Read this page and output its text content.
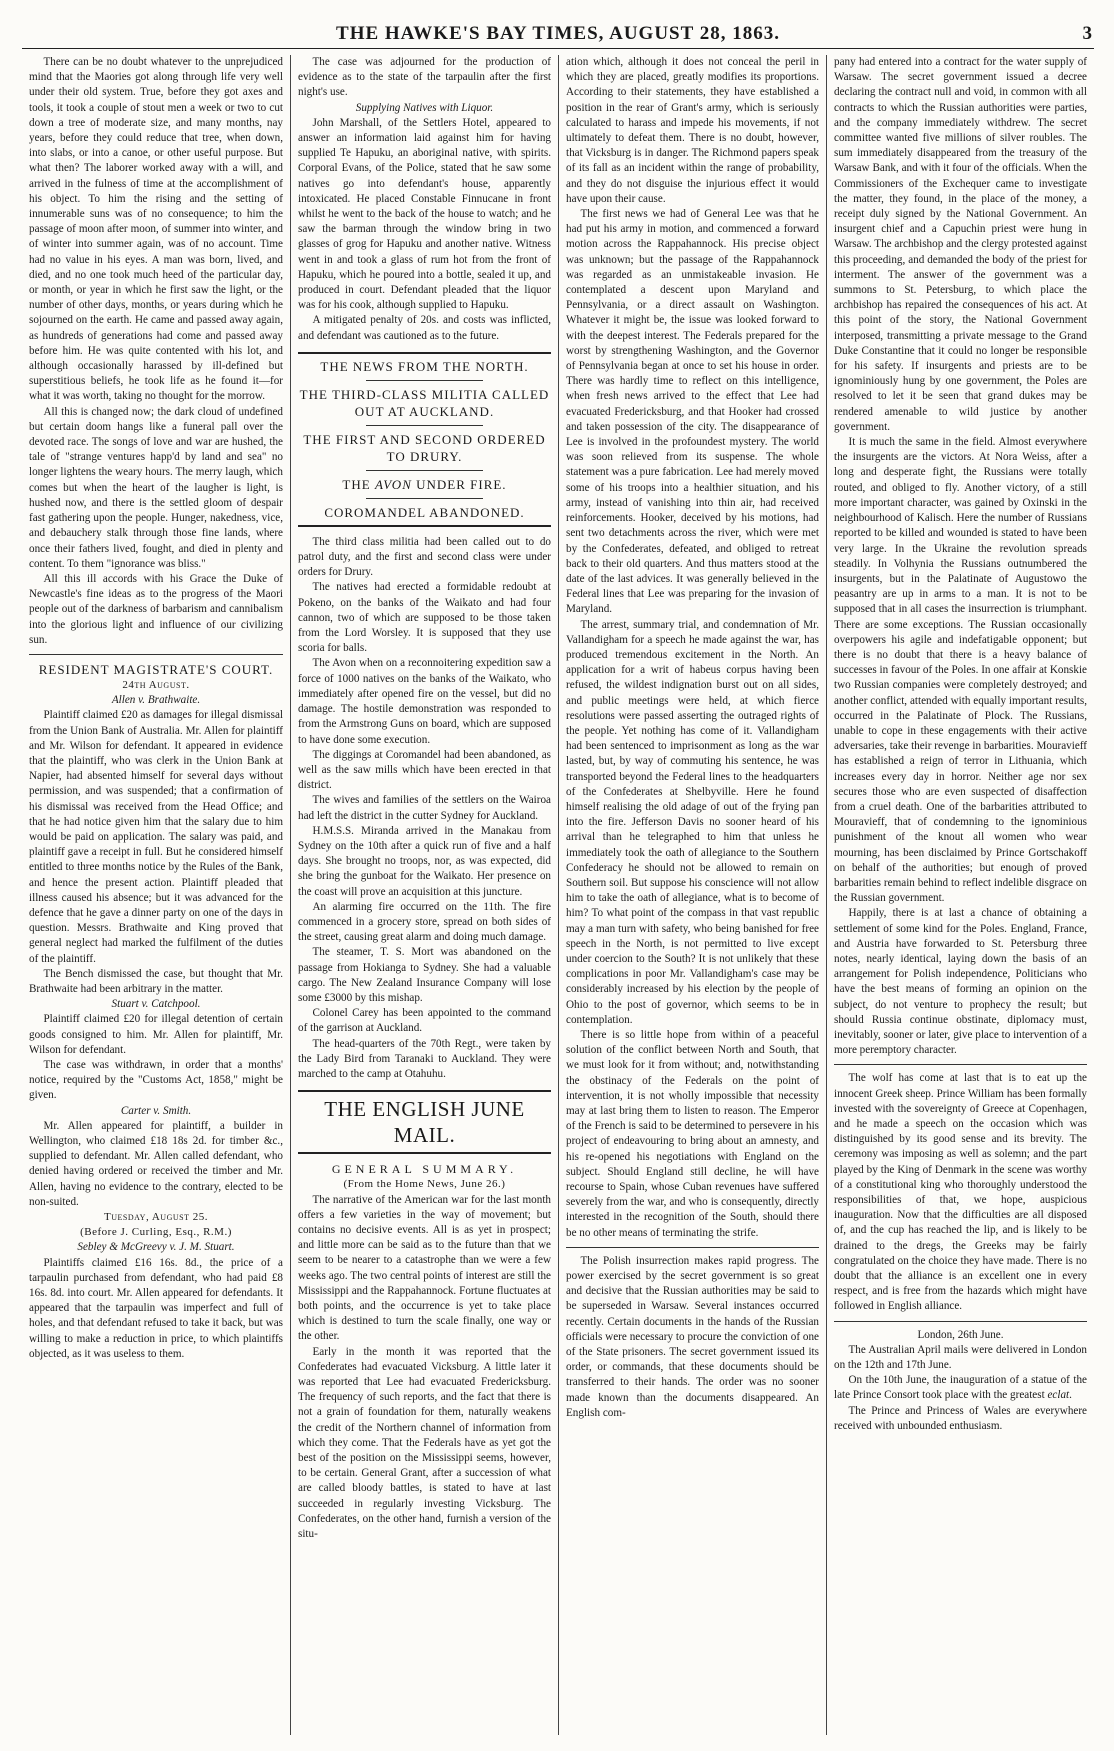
THE HAWKE'S BAY TIMES, AUGUST 28, 1863.	3

There can be no doubt whatever to the unprejudiced mind that the Maories got along through life very well under their old system. True, before they got axes and tools, it took a couple of stout men a week or two to cut down a tree of moderate size, and many months, nay years, before they could reduce that tree, when down, into slabs, or into a canoe, or other useful purpose. But what then? The laborer worked away with a will, and arrived in the fulness of time at the accomplishment of his object. To him the rising and the setting of innumerable suns was of no consequence; to him the passage of moon after moon, of summer into winter, and of winter into summer again, was of no account. Time had no value in his eyes. A man was born, lived, and died, and no one took much heed of the particular day, or month, or year in which he first saw the light, or the number of other days, months, or years during which he sojourned on the earth. He came and passed away again, as hundreds of generations had come and passed away before him. He was quite contented with his lot, and although occasionally harassed by ill-defined but superstitious beliefs, he took life as he found it—for what it was worth, taking no thought for the morrow.

All this is changed now; the dark cloud of undefined but certain doom hangs like a funeral pall over the devoted race. The songs of love and war are hushed, the tale of "strange ventures happ'd by land and sea" no longer lightens the weary hours. The merry laugh, which comes but when the heart of the laugher is light, is hushed now, and there is the settled gloom of despair fast gathering upon the people. Hunger, nakedness, vice, and debauchery stalk through those fine lands, where once their fathers lived, fought, and died in plenty and content. To them "ignorance was bliss."

All this ill accords with his Grace the Duke of Newcastle's fine ideas as to the progress of the Maori people out of the darkness of barbarism and cannibalism into the glorious light and influence of our civilizing sun.

RESIDENT MAGISTRATE'S COURT.
24th August.
Allen v. Brathwaite.

Plaintiff claimed £20 as damages for illegal dismissal from the Union Bank of Australia. Mr. Allen for plaintiff and Mr. Wilson for defendant. It appeared in evidence that the plaintiff, who was clerk in the Union Bank at Napier, had absented himself for several days without permission, and was suspended; that a confirmation of his dismissal was received from the Head Office; and that he had notice given him that the salary due to him would be paid on application. The salary was paid, and plaintiff gave a receipt in full. But he considered himself entitled to three months notice by the Rules of the Bank, and hence the present action. Plaintiff pleaded that illness caused his absence; but it was advanced for the defence that he gave a dinner party on one of the days in question. Messrs. Brathwaite and King proved that general neglect had marked the fulfilment of the duties of the plaintiff.

The Bench dismissed the case, but thought that Mr. Brathwaite had been arbitrary in the matter.

Stuart v. Catchpool.

Plaintiff claimed £20 for illegal detention of certain goods consigned to him. Mr. Allen for plaintiff, Mr. Wilson for defendant.

The case was withdrawn, in order that a months' notice, required by the "Customs Act, 1858," might be given.

Carter v. Smith.

Mr. Allen appeared for plaintiff, a builder in Wellington, who claimed £18 18s 2d. for timber &c., supplied to defendant. Mr. Allen called defendant, who denied having ordered or received the timber and Mr. Allen, having no evidence to the contrary, elected to be non-suited.

Tuesday, August 25.
(Before J. Curling, Esq., R.M.)
Sebley & McGreevy v. J. M. Stuart.

Plaintiffs claimed £16 16s. 8d., the price of a tarpaulin purchased from defendant, who had paid £8 16s. 8d. into court. Mr. Allen appeared for defendants. It appeared that the tarpaulin was imperfect and full of holes, and that defendant refused to take it back, but was willing to make a reduction in price, to which plaintiffs objected, as it was useless to them.

The case was adjourned for the production of evidence as to the state of the tarpaulin after the first night's use.

Supplying Natives with Liquor.

John Marshall, of the Settlers Hotel, appeared to answer an information laid against him for having supplied Te Hapuku, an aboriginal native, with spirits. Corporal Evans, of the Police, stated that he saw some natives go into defendant's house, apparently intoxicated. He placed Constable Finnucane in front whilst he went to the back of the house to watch; and he saw the barman through the window bring in two glasses of grog for Hapuku and another native. Witness went in and took a glass of rum hot from the front of Hapuku, which he poured into a bottle, sealed it up, and produced in court. Defendant pleaded that the liquor was for his cook, although supplied to Hapuku.

A mitigated penalty of 20s. and costs was inflicted, and defendant was cautioned as to the future.

THE NEWS FROM THE NORTH.
THE THIRD-CLASS MILITIA CALLED OUT AT AUCKLAND.
THE FIRST AND SECOND ORDERED TO DRURY.
THE AVON UNDER FIRE.
COROMANDEL ABANDONED.

The third class militia had been called out to do patrol duty, and the first and second class were under orders for Drury.

The natives had erected a formidable redoubt at Pokeno, on the banks of the Waikato and had four cannon, two of which are supposed to be those taken from the Lord Worsley. It is supposed that they use scoria for balls.

The Avon when on a reconnoitering expedition saw a force of 1000 natives on the banks of the Waikato, who immediately after opened fire on the vessel, but did no damage. The hostile demonstration was responded to from the Armstrong Guns on board, which are supposed to have done some execution.

The diggings at Coromandel had been abandoned, as well as the saw mills which have been erected in that district.

The wives and families of the settlers on the Wairoa had left the district in the cutter Sydney for Auckland.

H.M.S.S. Miranda arrived in the Manakau from Sydney on the 10th after a quick run of five and a half days. She brought no troops, nor, as was expected, did she bring the gunboat for the Waikato. Her presence on the coast will prove an acquisition at this juncture.

An alarming fire occurred on the 11th. The fire commenced in a grocery store, spread on both sides of the street, causing great alarm and doing much damage.

The steamer, T. S. Mort was abandoned on the passage from Hokianga to Sydney. She had a valuable cargo. The New Zealand Insurance Company will lose some £3000 by this mishap.

Colonel Carey has been appointed to the command of the garrison at Auckland.

The head-quarters of the 70th Regt., were taken by the Lady Bird from Taranaki to Auckland. They were marched to the camp at Otahuhu.

THE ENGLISH JUNE MAIL.
GENERAL SUMMARY.
(From the Home News, June 26.)

The narrative of the American war for the last month offers a few varieties in the way of movement; but contains no decisive events. All is as yet in prospect; and little more can be said as to the future than that we seem to be nearer to a catastrophe than we were a few weeks ago. The two central points of interest are still the Mississippi and the Rappahannock. Fortune fluctuates at both points, and the occurrence is yet to take place which is destined to turn the scale finally, one way or the other.

Early in the month it was reported that the Confederates had evacuated Vicksburg. A little later it was reported that Lee had evacuated Fredericksburg. The frequency of such reports, and the fact that there is not a grain of foundation for them, naturally weakens the credit of the Northern channel of information from which they come. That the Federals have as yet got the best of the position on the Mississippi seems, however, to be certain. General Grant, after a succession of what are called bloody battles, is stated to have at last succeeded in regularly investing Vicksburg. The Confederates, on the other hand, furnish a version of the situ-

ation which, although it does not conceal the peril in which they are placed, greatly modifies its proportions. According to their statements, they have established a position in the rear of Grant's army, which is seriously calculated to harass and impede his movements, if not ultimately to defeat them. There is no doubt, however, that Vicksburg is in danger. The Richmond papers speak of its fall as an incident within the range of probability, and they do not disguise the injurious effect it would have upon their cause.

The first news we had of General Lee was that he had put his army in motion, and commenced a forward motion across the Rappahannock. His precise object was unknown; but the passage of the Rappahannock was regarded as an unmistakeable invasion. He contemplated a descent upon Maryland and Pennsylvania, or a direct assault on Washington. Whatever it might be, the issue was looked forward to with the deepest interest. The Federals prepared for the worst by strengthening Washington, and the Governor of Pennsylvania began at once to set his house in order. There was hardly time to reflect on this intelligence, when fresh news arrived to the effect that Lee had evacuated Fredericksburg, and that Hooker had crossed and taken possession of the city. The disappearance of Lee is involved in the profoundest mystery. The world was soon relieved from its suspense. The whole statement was a pure fabrication. Lee had merely moved some of his troops into a healthier situation, and his army, instead of vanishing into thin air, had received reinforcements. Hooker, deceived by his motions, had sent two detachments across the river, which were met by the Confederates, defeated, and obliged to retreat back to their old quarters. And thus matters stood at the date of the last advices. It was generally believed in the Federal lines that Lee was preparing for the invasion of Maryland.

The arrest, summary trial, and condemnation of Mr. Vallandigham for a speech he made against the war, has produced tremendous excitement in the North. An application for a writ of habeus corpus having been refused, the wildest indignation burst out on all sides, and public meetings were held, at which fierce resolutions were passed asserting the outraged rights of the people. Yet nothing has come of it. Vallandigham had been sentenced to imprisonment as long as the war lasted, but, by way of commuting his sentence, he was transported beyond the Federal lines to the headquarters of the Confederates at Shelbyville. Here he found himself realising the old adage of out of the frying pan into the fire. Jefferson Davis no sooner heard of his arrival than he telegraphed to him that unless he immediately took the oath of allegiance to the Southern Confederacy he should not be allowed to remain on Southern soil. But suppose his conscience will not allow him to take the oath of allegiance, what is to become of him? To what point of the compass in that vast republic may a man turn with safety, who being banished for free speech in the North, is not permitted to live except under coercion to the South? It is not unlikely that these complications in poor Mr. Vallandigham's case may be considerably increased by his election by the people of Ohio to the post of governor, which seems to be in contemplation.

There is so little hope from within of a peaceful solution of the conflict between North and South, that we must look for it from without; and, notwithstanding the obstinacy of the Federals on the point of intervention, it is not wholly impossible that necessity may at last bring them to listen to reason. The Emperor of the French is said to be determined to persevere in his project of endeavouring to bring about an amnesty, and his re-opened his negotiations with England on the subject. Should England still decline, he will have recourse to Spain, whose Cuban revenues have suffered severely from the war, and who is consequently, directly interested in the recognition of the South, should there be no other means of terminating the strife.

The Polish insurrection makes rapid progress. The power exercised by the secret government is so great and decisive that the Russian authorities may be said to be superseded in Warsaw. Several instances occurred recently. Certain documents in the hands of the Russian officials were necessary to procure the conviction of one of the State prisoners. The secret government issued its order, or commands, that these documents should be transferred to their hands. The order was no sooner made known than the documents disappeared. An English com-

pany had entered into a contract for the water supply of Warsaw. The secret government issued a decree declaring the contract null and void, in common with all contracts to which the Russian authorities were parties, and the company immediately withdrew. The secret committee wanted five millions of silver roubles. The sum immediately disappeared from the treasury of the Warsaw Bank, and with it four of the officials. When the Commissioners of the Exchequer came to investigate the matter, they found, in the place of the money, a receipt duly signed by the National Government. An insurgent chief and a Capuchin priest were hung in Warsaw. The archbishop and the clergy protested against this proceeding, and demanded the body of the priest for interment. The answer of the government was a summons to St. Petersburg, to which place the archbishop has repaired the consequences of his act. At this point of the story, the National Government interposed, transmitting a private message to the Grand Duke Constantine that it could no longer be responsible for his safety. If insurgents and priests are to be ignominiously hung by one government, the Poles are resolved to let it be seen that grand dukes may be rendered amenable to wild justice by another government.

It is much the same in the field. Almost everywhere the insurgents are the victors. At Nora Weiss, after a long and desperate fight, the Russians were totally routed, and obliged to fly. Another victory, of a still more important character, was gained by Oxinski in the neighbourhood of Kalisch. Here the number of Russians reported to be killed and wounded is stated to have been very large. In the Ukraine the revolution spreads steadily. In Volhynia the Russians outnumbered the insurgents, but in the Palatinate of Augustowo the peasantry are up in arms to a man. It is not to be supposed that in all cases the insurrection is triumphant. There are some exceptions. The Russian occasionally overpowers his agile and indefatigable opponent; but there is no doubt that there is a heavy balance of successes in favour of the Poles. In one affair at Konskie two Russian companies were completely destroyed; and another conflict, attended with equally important results, occurred in the Palatinate of Plock. The Russians, unable to cope in these engagements with their active adversaries, take their revenge in barbarities. Mouravieff has established a reign of terror in Lithuania, which increases every day in horror. Neither age nor sex secures those who are even suspected of disaffection from a cruel death. One of the barbarities attributed to Mouravieff, that of condemning to the ignominious punishment of the knout all women who wear mourning, has been disclaimed by Prince Gortschakoff on behalf of the authorities; but enough of proved barbarities remain behind to reflect indelible disgrace on the Russian government.

Happily, there is at last a chance of obtaining a settlement of some kind for the Poles. England, France, and Austria have forwarded to St. Petersburg three notes, nearly identical, laying down the basis of an arrangement for Polish independence, Politicians who have the best means of forming an opinion on the subject, do not venture to prophecy the result; but should Russia continue obstinate, diplomacy must, inevitably, sooner or later, give place to intervention of a more peremptory character.

The wolf has come at last that is to eat up the innocent Greek sheep. Prince William has been formally invested with the sovereignty of Greece at Copenhagen, and he made a speech on the occasion which was distinguished by its good sense and its brevity. The ceremony was imposing as well as solemn; and the part played by the King of Denmark in the scene was worthy of a constitutional king who thoroughly understood the responsibilities of that, we hope, auspicious inauguration. Now that the difficulties are all disposed of, and the cup has reached the lip, and is likely to be drained to the dregs, the Greeks may be fairly congratulated on the choice they have made. There is no doubt that the alliance is an excellent one in every respect, and is free from the hazards which might have followed in English alliance.

London, 26th June.

The Australian April mails were delivered in London on the 12th and 17th June.

On the 10th June, the inauguration of a statue of the late Prince Consort took place with the greatest eclat.

The Prince and Princess of Wales are everywhere received with unbounded enthusiasm.
